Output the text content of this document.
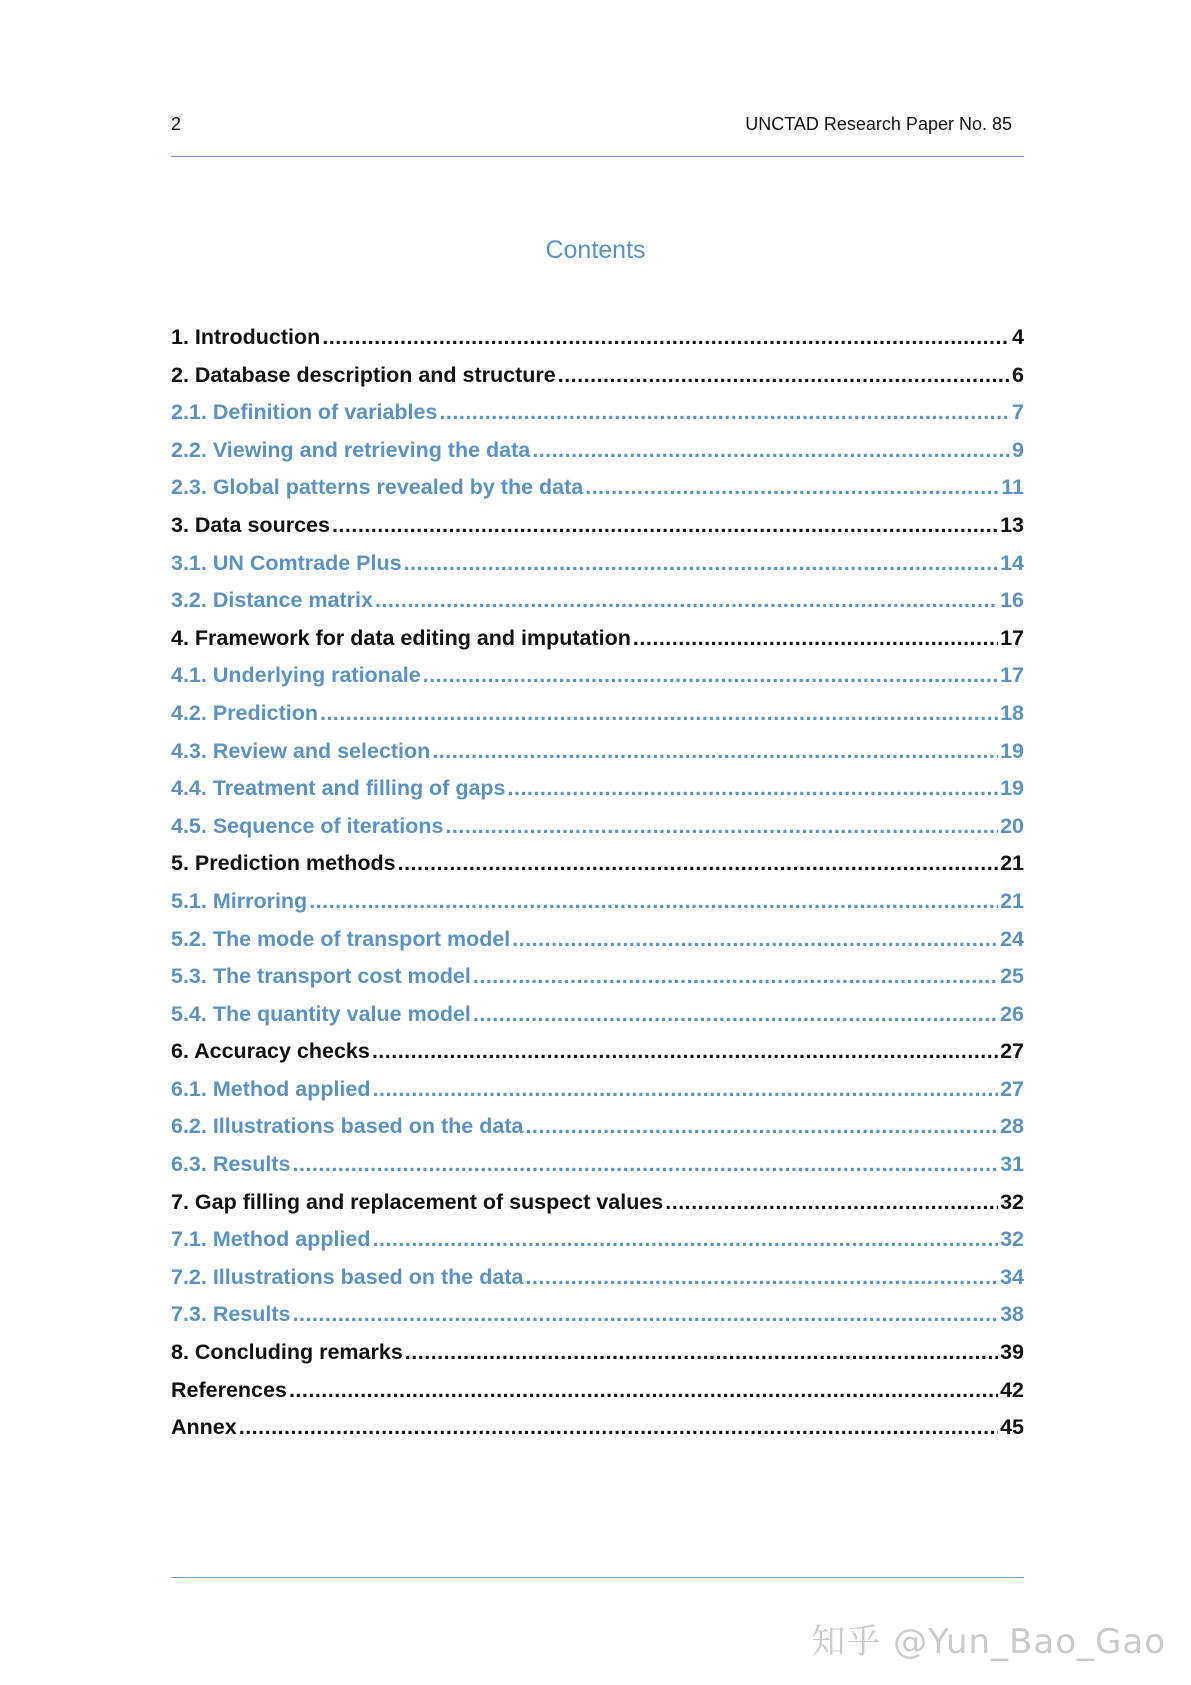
2	UNCTAD Research Paper No. 85
Contents
1. Introduction .....	4
2. Database description and structure .....	6
2.1. Definition of variables .....	7
2.2. Viewing and retrieving the data .....	9
2.3. Global patterns revealed by the data .....	11
3. Data sources .....	13
3.1. UN Comtrade Plus .....	14
3.2. Distance matrix .....	16
4. Framework for data editing and imputation .....	17
4.1. Underlying rationale .....	17
4.2. Prediction .....	18
4.3. Review and selection .....	19
4.4. Treatment and filling of gaps .....	19
4.5. Sequence of iterations .....	20
5. Prediction methods .....	21
5.1. Mirroring .....	21
5.2. The mode of transport model .....	24
5.3. The transport cost model .....	25
5.4. The quantity value model .....	26
6. Accuracy checks .....	27
6.1. Method applied .....	27
6.2. Illustrations based on the data .....	28
6.3. Results .....	31
7. Gap filling and replacement of suspect values .....	32
7.1. Method applied .....	32
7.2. Illustrations based on the data .....	34
7.3. Results .....	38
8. Concluding remarks .....	39
References .....	42
Annex .....	45
知乎 @Yun_Bao_Gao
